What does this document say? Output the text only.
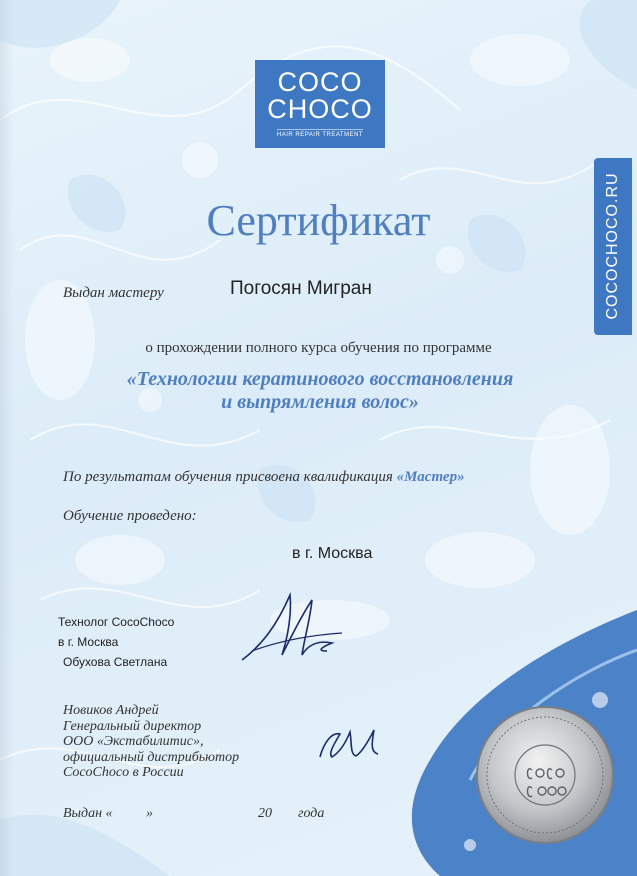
COCO
CHOCO
HAIR REPAIR TREATMENT
COCOCHOCO.RU
Сертификат
Выдан мастеру	Погосян Мигран
о прохождении полного курса обучения по программе
«Технологии кератинового восстановления
и выпрямления волос»
По результатам обучения присвоена квалификация «Мастер»
Обучение проведено:
в г. Москва
Технолог CocoChoco
в г. Москва
Обухова Светлана
Новиков Андрей
Генеральный директор
ООО «Экстабилитис»,
официальный дистрибьютор
CocoChoco в России
Выдан « »	20 года
